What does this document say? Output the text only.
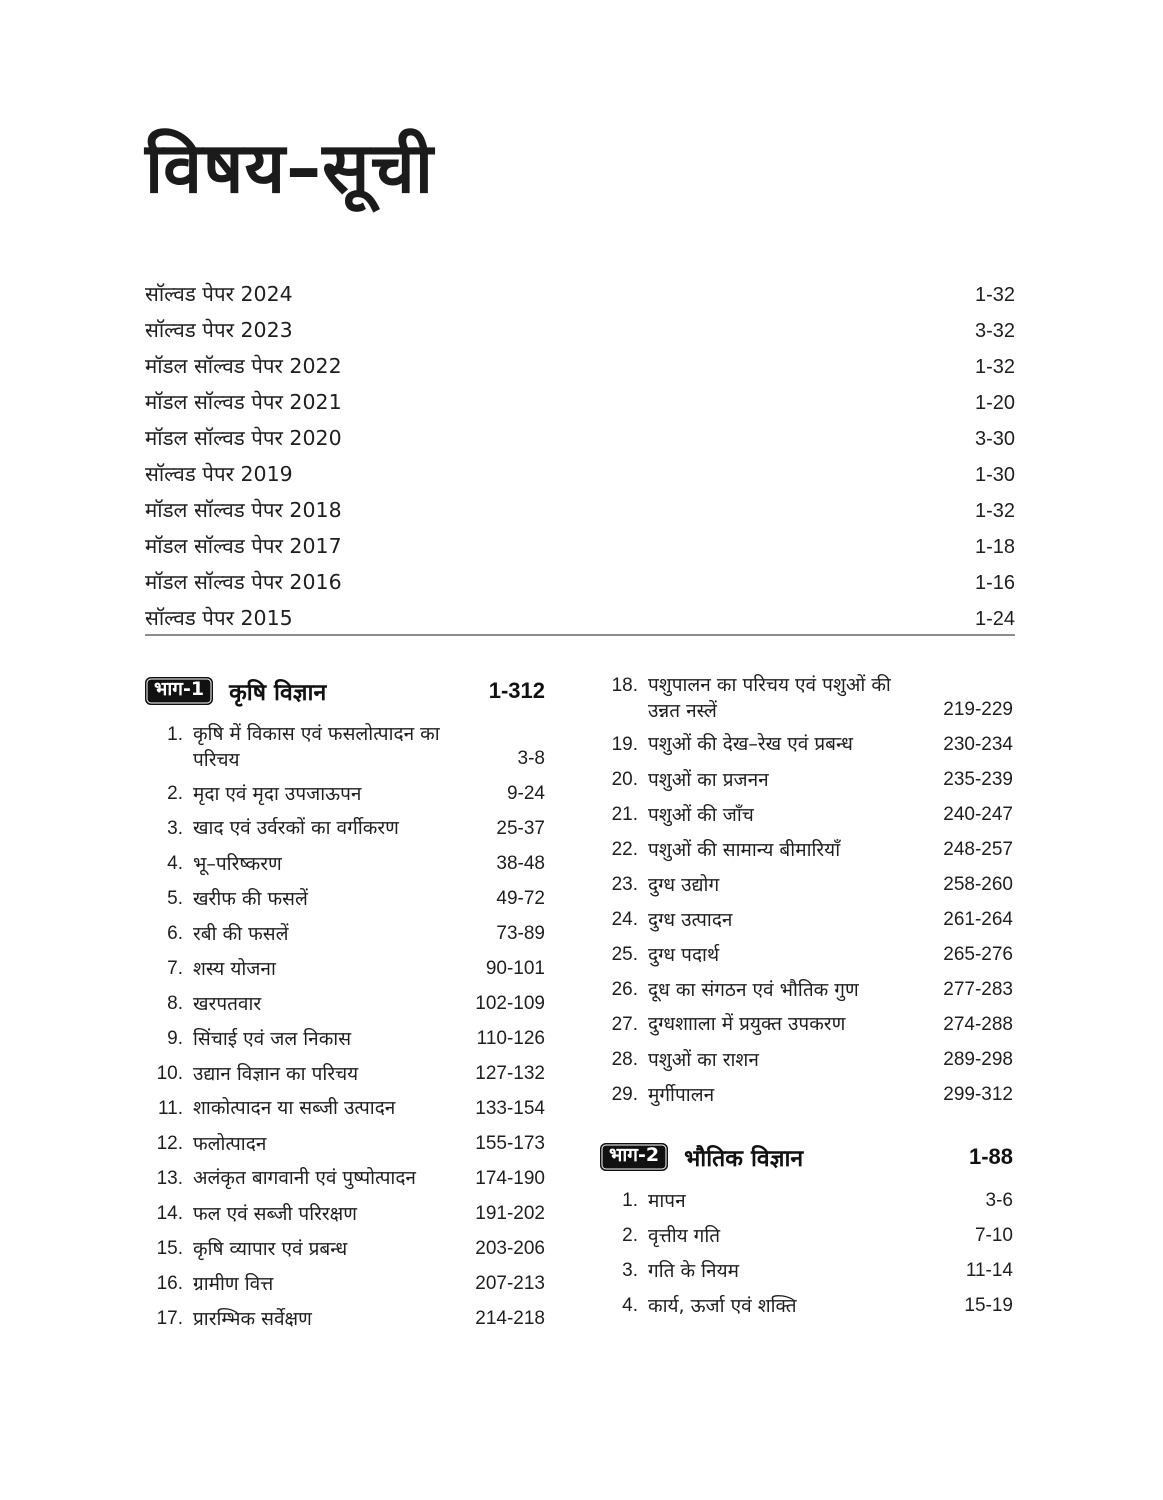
विषय–सूची
सॉल्वड पेपर 2024	1-32
सॉल्वड पेपर 2023	3-32
मॉडल सॉल्वड पेपर 2022	1-32
मॉडल सॉल्वड पेपर 2021	1-20
मॉडल सॉल्वड पेपर 2020	3-30
सॉल्वड पेपर 2019	1-30
मॉडल सॉल्वड पेपर 2018	1-32
मॉडल सॉल्वड पेपर 2017	1-18
मॉडल सॉल्वड पेपर 2016	1-16
सॉल्वड पेपर 2015	1-24
भाग-1	कृषि विज्ञान	1-312
1. कृषि में विकास एवं फसलोत्पादन का परिचय	3-8
2. मृदा एवं मृदा उपजाऊपन	9-24
3. खाद एवं उर्वरकों का वर्गीकरण	25-37
4. भू–परिष्करण	38-48
5. खरीफ की फसलें	49-72
6. रबी की फसलें	73-89
7. शस्य योजना	90-101
8. खरपतवार	102-109
9. सिंचाई एवं जल निकास	110-126
10. उद्यान विज्ञान का परिचय	127-132
11. शाकोत्पादन या सब्जी उत्पादन	133-154
12. फलोत्पादन	155-173
13. अलंकृत बागवानी एवं पुष्पोत्पादन	174-190
14. फल एवं सब्जी परिरक्षण	191-202
15. कृषि व्यापार एवं प्रबन्ध	203-206
16. ग्रामीण वित्त	207-213
17. प्रारम्भिक सर्वेक्षण	214-218
18. पशुपालन का परिचय एवं पशुओं की उन्नत नस्लें	219-229
19. पशुओं की देख–रेख एवं प्रबन्ध	230-234
20. पशुओं का प्रजनन	235-239
21. पशुओं की जाँच	240-247
22. पशुओं की सामान्य बीमारियाँ	248-257
23. दुग्ध उद्योग	258-260
24. दुग्ध उत्पादन	261-264
25. दुग्ध पदार्थ	265-276
26. दूध का संगठन एवं भौतिक गुण	277-283
27. दुग्धशााला में प्रयुक्त उपकरण	274-288
28. पशुओं का राशन	289-298
29. मुर्गीपालन	299-312
भाग-2	भौतिक विज्ञान	1-88
1. मापन	3-6
2. वृत्तीय गति	7-10
3. गति के नियम	11-14
4. कार्य, ऊर्जा एवं शक्ति	15-19
